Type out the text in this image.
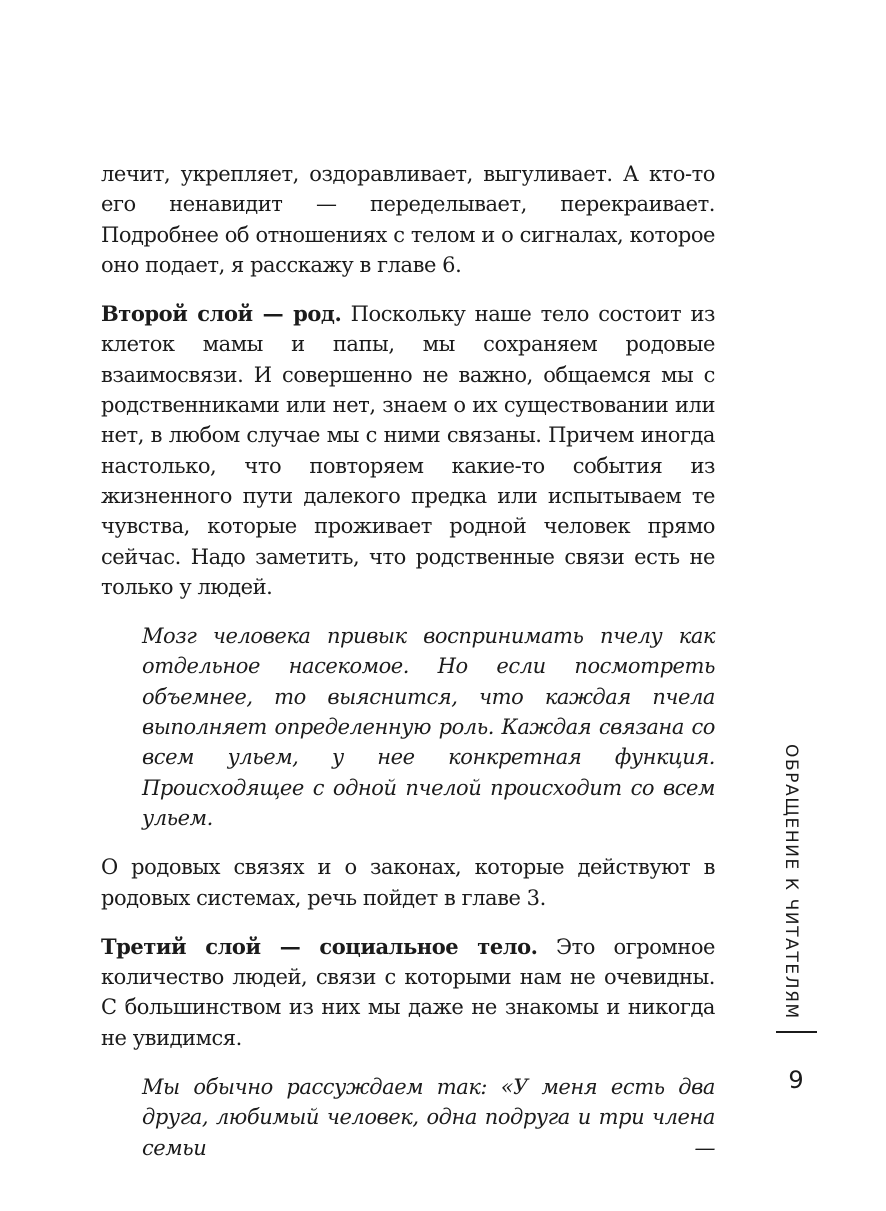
лечит, укрепляет, оздоравливает, выгуливает. А кто-то его ненавидит — переделывает, перекраивает. Подробнее об отношениях с телом и о сигналах, которое оно подает, я расскажу в главе 6.

Второй слой — род. Поскольку наше тело состоит из клеток мамы и папы, мы сохраняем родовые взаимосвязи. И совершенно не важно, общаемся мы с родственниками или нет, знаем о их существовании или нет, в любом случае мы с ними связаны. Причем иногда настолько, что повторяем какие-то события из жизненного пути далекого предка или испытываем те чувства, которые проживает родной человек прямо сейчас. Надо заметить, что родственные связи есть не только у людей.

Мозг человека привык воспринимать пчелу как отдельное насекомое. Но если посмотреть объемнее, то выяснится, что каждая пчела выполняет определенную роль. Каждая связана со всем ульем, у нее конкретная функция. Происходящее с одной пчелой происходит со всем ульем.

О родовых связях и о законах, которые действуют в родовых системах, речь пойдет в главе 3.

Третий слой — социальное тело. Это огромное количество людей, связи с которыми нам не очевидны. С большинством из них мы даже не знакомы и никогда не увидимся.

Мы обычно рассуждаем так: «У меня есть два друга, любимый человек, одна подруга и три члена семьи —

ОБРАЩЕНИЕ К ЧИТАТЕЛЯМ
9
